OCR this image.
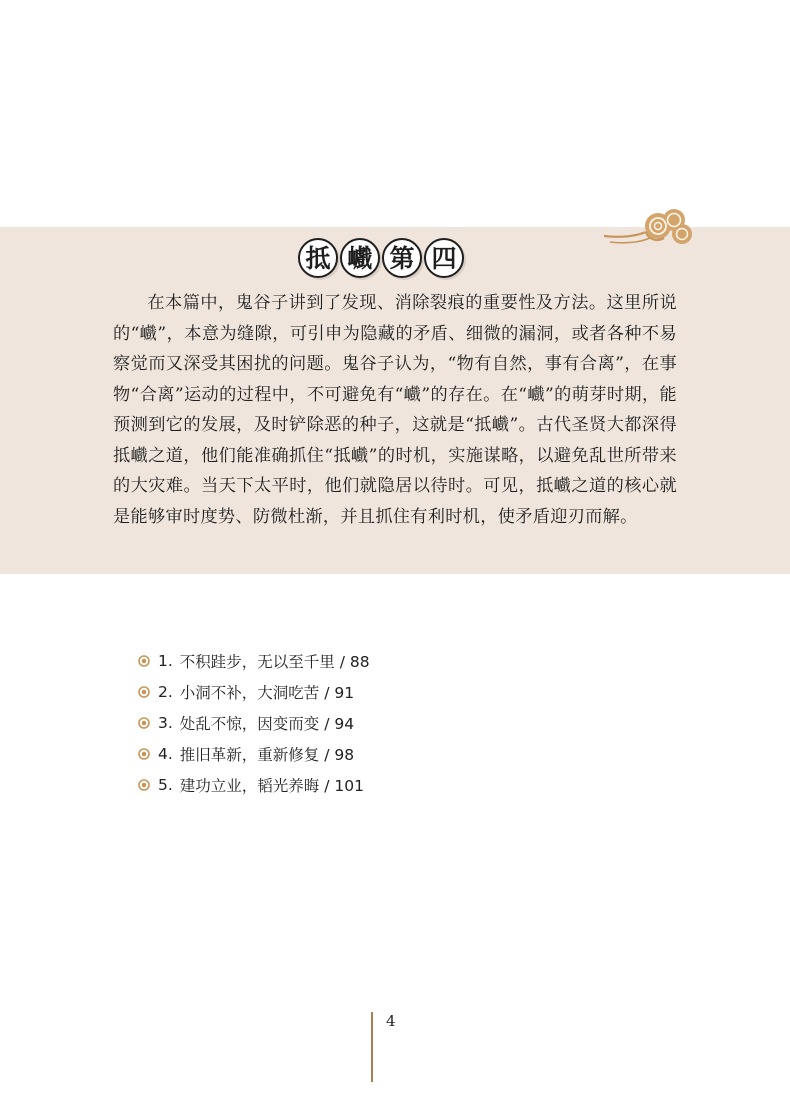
抵 巇 第 四

在本篇中，鬼谷子讲到了发现、消除裂痕的重要性及方法。这里所说的“巇”，本意为缝隙，可引申为隐藏的矛盾、细微的漏洞，或者各种不易察觉而又深受其困扰的问题。鬼谷子认为，“物有自然，事有合离”，在事物“合离”运动的过程中，不可避免有“巇”的存在。在“巇”的萌芽时期，能预测到它的发展，及时铲除恶的种子，这就是“抵巇”。古代圣贤大都深得抵巇之道，他们能准确抓住“抵巇”的时机，实施谋略，以避免乱世所带来的大灾难。当天下太平时，他们就隐居以待时。可见，抵巇之道的核心就是能够审时度势、防微杜渐，并且抓住有利时机，使矛盾迎刃而解。

1. 不积跬步，无以至千里 / 88
2. 小洞不补，大洞吃苦 / 91
3. 处乱不惊，因变而变 / 94
4. 推旧革新，重新修复 / 98
5. 建功立业，韬光养晦 / 101
4
